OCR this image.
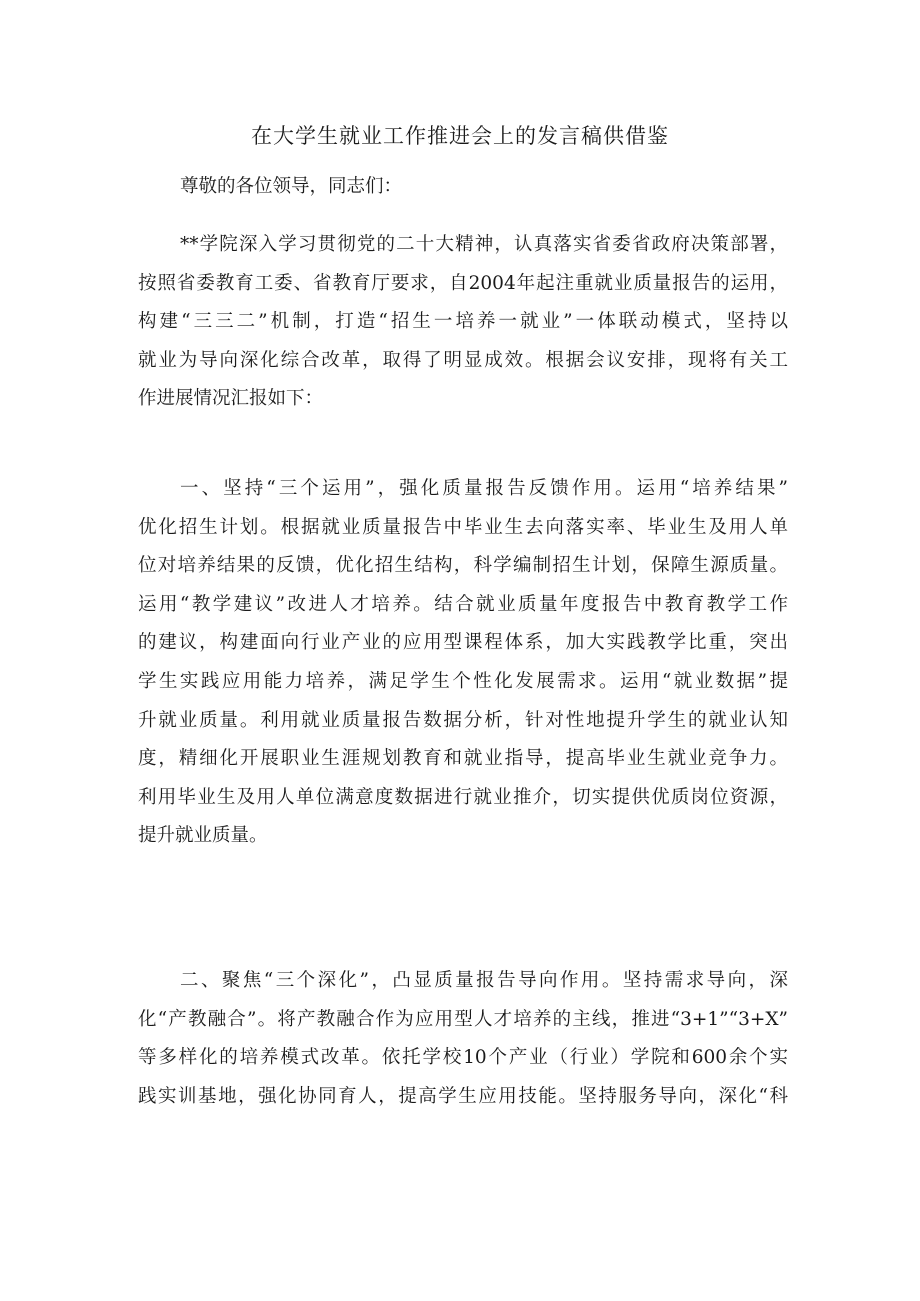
在大学生就业工作推进会上的发言稿供借鉴

尊敬的各位领导，同志们：

**学院深入学习贯彻党的二十大精神，认真落实省委省政府决策部署，
按照省委教育工委、省教育厅要求，自2004年起注重就业质量报告的运用，
构建“三三二”机制，打造“招生一培养一就业”一体联动模式，坚持以
就业为导向深化综合改革，取得了明显成效。根据会议安排，现将有关工
作进展情况汇报如下：
一、坚持“三个运用”，强化质量报告反馈作用。运用“培养结果”
优化招生计划。根据就业质量报告中毕业生去向落实率、毕业生及用人单
位对培养结果的反馈，优化招生结构，科学编制招生计划，保障生源质量。
运用“教学建议”改进人才培养。结合就业质量年度报告中教育教学工作
的建议，构建面向行业产业的应用型课程体系，加大实践教学比重，突出
学生实践应用能力培养，满足学生个性化发展需求。运用“就业数据”提
升就业质量。利用就业质量报告数据分析，针对性地提升学生的就业认知
度，精细化开展职业生涯规划教育和就业指导，提高毕业生就业竞争力。
利用毕业生及用人单位满意度数据进行就业推介，切实提供优质岗位资源，
提升就业质量。
二、聚焦“三个深化”，凸显质量报告导向作用。坚持需求导向，深
化“产教融合”。将产教融合作为应用型人才培养的主线，推进“3+1”“3+X”
等多样化的培养模式改革。依托学校10个产业（行业）学院和600余个实
践实训基地，强化协同育人，提高学生应用技能。坚持服务导向，深化“科
